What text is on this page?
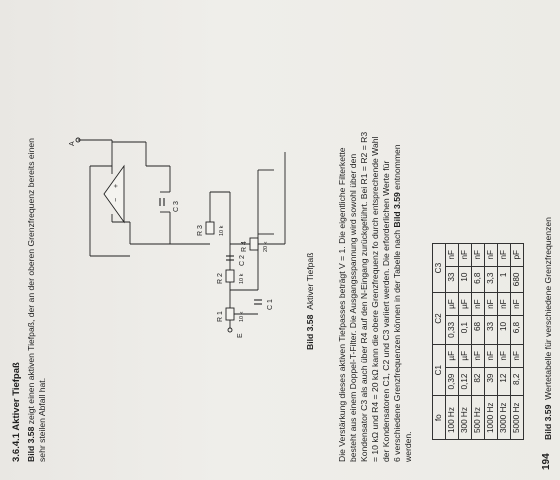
3.6.4.1 Aktiver Tiefpaß Bild 3.58 zeigt einen aktiven Tiefpaß, der an der oberen Grenzfrequenz bereits einen sehr steilen Abfall hat.
E
A
R 1	10 k
R 2	10 k
R 3	10 k
R 4	20 k
C 1
C 2
C 3
−
+
Bild 3.58  Aktiver Tiefpaß	Die Verstärkung dieses aktiven Tiefpasses beträgt V = 1. Die eigentliche Filterkette besteht aus einem Doppel-T-Filter. Die Ausgangsspannung wird sowohl über den Kondensator C3 als auch über R4 auf den N-Eingang zurückgeführt. Bei R1 = R2 = R3 = 10 kΩ und R4 = 20 kΩ kann die obere Grenzfrequenz fo durch entsprechende Wahl der Kondensatoren C1, C2 und C3 variiert werden. Die erforderlichen Werte für 6 verschiedene Grenzfrequenzen können in der Tabelle nach Bild 3.59 entnommen
werden.
fo	C1		C2		C3	
100 Hz	0,39	µF	0,33	µF	33	nF
300 Hz	0,12	µF	0,1	µF	10	nF
500 Hz	82	nF	68	nF	6,8	nF
1000 Hz	39	nF	33	nF	3,3	nF
3000 Hz	12	nF	10	nF	1	nF
5000 Hz	8,2	nF	6,8	nF	680	pF
Bild 3.59  Wertetabelle für verschiedene Grenzfrequenzen
194
